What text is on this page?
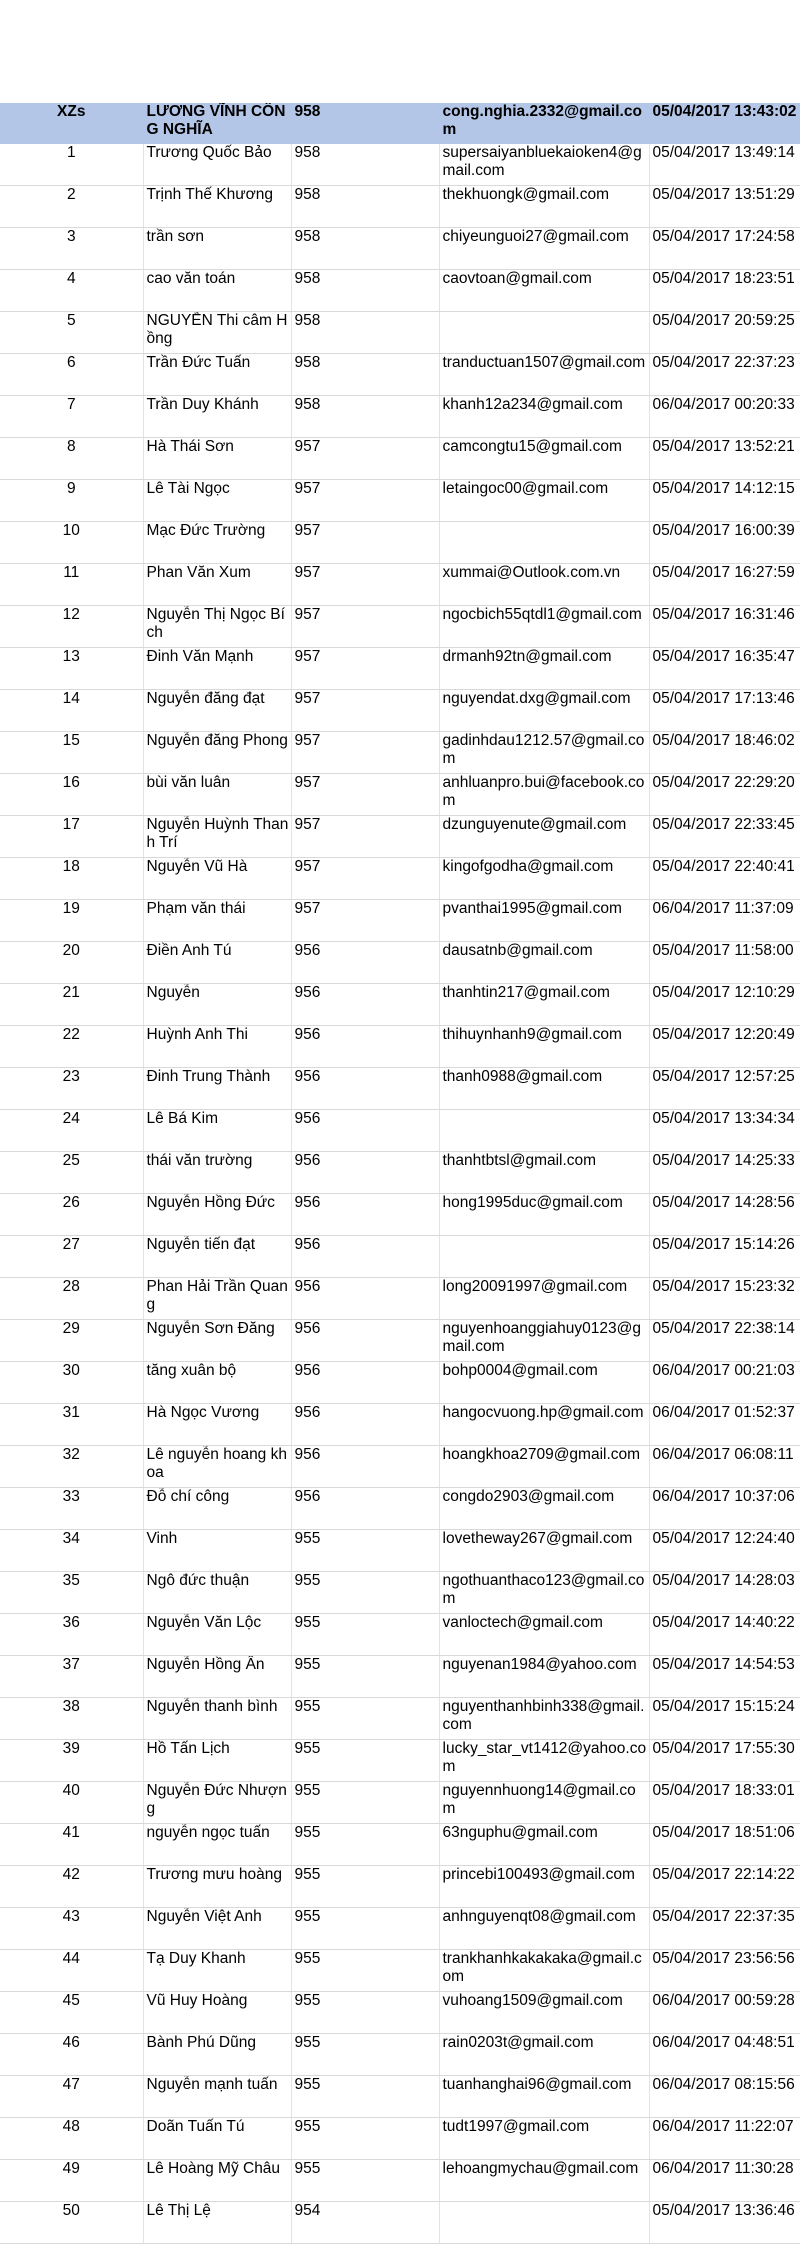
XZs	LƯƠNG VĨNH CÔNG NGHĨA	958	cong.nghia.2332@gmail.com	05/04/2017 13:43:02
1	Trương Quốc Bảo	958	supersaiyanbluekaioken4@gmail.com	05/04/2017 13:49:14
2	Trịnh Thế Khương	958	thekhuongk@gmail.com	05/04/2017 13:51:29
3	trần sơn	958	chiyeunguoi27@gmail.com	05/04/2017 17:24:58
4	cao văn toán	958	caovtoan@gmail.com	05/04/2017 18:23:51
5	NGUYỄN Thi câm Hồng	958		05/04/2017 20:59:25
6	Trần Đức Tuấn	958	tranductuan1507@gmail.com	05/04/2017 22:37:23
7	Trần Duy Khánh	958	khanh12a234@gmail.com	06/04/2017 00:20:33
8	Hà Thái Sơn	957	camcongtu15@gmail.com	05/04/2017 13:52:21
9	Lê Tài Ngọc	957	letaingoc00@gmail.com	05/04/2017 14:12:15
10	Mạc Đức Trường	957		05/04/2017 16:00:39
11	Phan Văn Xum	957	xummai@Outlook.com.vn	05/04/2017 16:27:59
12	Nguyễn Thị Ngọc Bích	957	ngocbich55qtdl1@gmail.com	05/04/2017 16:31:46
13	Đinh Văn Mạnh	957	drmanh92tn@gmail.com	05/04/2017 16:35:47
14	Nguyễn đăng đạt	957	nguyendat.dxg@gmail.com	05/04/2017 17:13:46
15	Nguyễn đăng Phong	957	gadinhdau1212.57@gmail.com	05/04/2017 18:46:02
16	bùi văn luân	957	anhluanpro.bui@facebook.com	05/04/2017 22:29:20
17	Nguyễn Huỳnh Thanh Trí	957	dzunguyenute@gmail.com	05/04/2017 22:33:45
18	Nguyễn Vũ Hà	957	kingofgodha@gmail.com	05/04/2017 22:40:41
19	Phạm văn thái	957	pvanthai1995@gmail.com	06/04/2017 11:37:09
20	Điền Anh Tú	956	dausatnb@gmail.com	05/04/2017 11:58:00
21	Nguyễn	956	thanhtin217@gmail.com	05/04/2017 12:10:29
22	Huỳnh Anh Thi	956	thihuynhanh9@gmail.com	05/04/2017 12:20:49
23	Đinh Trung Thành	956	thanh0988@gmail.com	05/04/2017 12:57:25
24	Lê Bá Kim	956		05/04/2017 13:34:34
25	thái văn trường	956	thanhtbtsl@gmail.com	05/04/2017 14:25:33
26	Nguyễn Hồng Đức	956	hong1995duc@gmail.com	05/04/2017 14:28:56
27	Nguyễn tiến đạt	956		05/04/2017 15:14:26
28	Phan Hải Trần Quang	956	long20091997@gmail.com	05/04/2017 15:23:32
29	Nguyễn Sơn Đăng	956	nguyenhoanggiahuy0123@gmail.com	05/04/2017 22:38:14
30	tăng xuân bộ	956	bohp0004@gmail.com	06/04/2017 00:21:03
31	Hà Ngọc Vương	956	hangocvuong.hp@gmail.com	06/04/2017 01:52:37
32	Lê nguyễn hoang khoa	956	hoangkhoa2709@gmail.com	06/04/2017 06:08:11
33	Đỗ chí công	956	congdo2903@gmail.com	06/04/2017 10:37:06
34	Vinh	955	lovetheway267@gmail.com	05/04/2017 12:24:40
35	Ngô đức thuận	955	ngothuanthaco123@gmail.com	05/04/2017 14:28:03
36	Nguyễn Văn Lộc	955	vanloctech@gmail.com	05/04/2017 14:40:22
37	Nguyễn Hồng Ân	955	nguyenan1984@yahoo.com	05/04/2017 14:54:53
38	Nguyễn thanh bình	955	nguyenthanhbinh338@gmail.com	05/04/2017 15:15:24
39	Hồ Tấn Lịch	955	lucky_star_vt1412@yahoo.com	05/04/2017 17:55:30
40	Nguyễn Đức Nhượng	955	nguyennhuong14@gmail.com	05/04/2017 18:33:01
41	nguyễn ngọc tuấn	955	63nguphu@gmail.com	05/04/2017 18:51:06
42	Trương mưu hoàng	955	princebi100493@gmail.com	05/04/2017 22:14:22
43	Nguyễn Việt Anh	955	anhnguyenqt08@gmail.com	05/04/2017 22:37:35
44	Tạ Duy Khanh	955	trankhanhkakakaka@gmail.com	05/04/2017 23:56:56
45	Vũ Huy Hoàng	955	vuhoang1509@gmail.com	06/04/2017 00:59:28
46	Bành Phú Dũng	955	rain0203t@gmail.com	06/04/2017 04:48:51
47	Nguyễn mạnh tuấn	955	tuanhanghai96@gmail.com	06/04/2017 08:15:56
48	Doãn Tuấn Tú	955	tudt1997@gmail.com	06/04/2017 11:22:07
49	Lê Hoàng Mỹ Châu	955	lehoangmychau@gmail.com	06/04/2017 11:30:28
50	Lê Thị Lệ	954		05/04/2017 13:36:46
